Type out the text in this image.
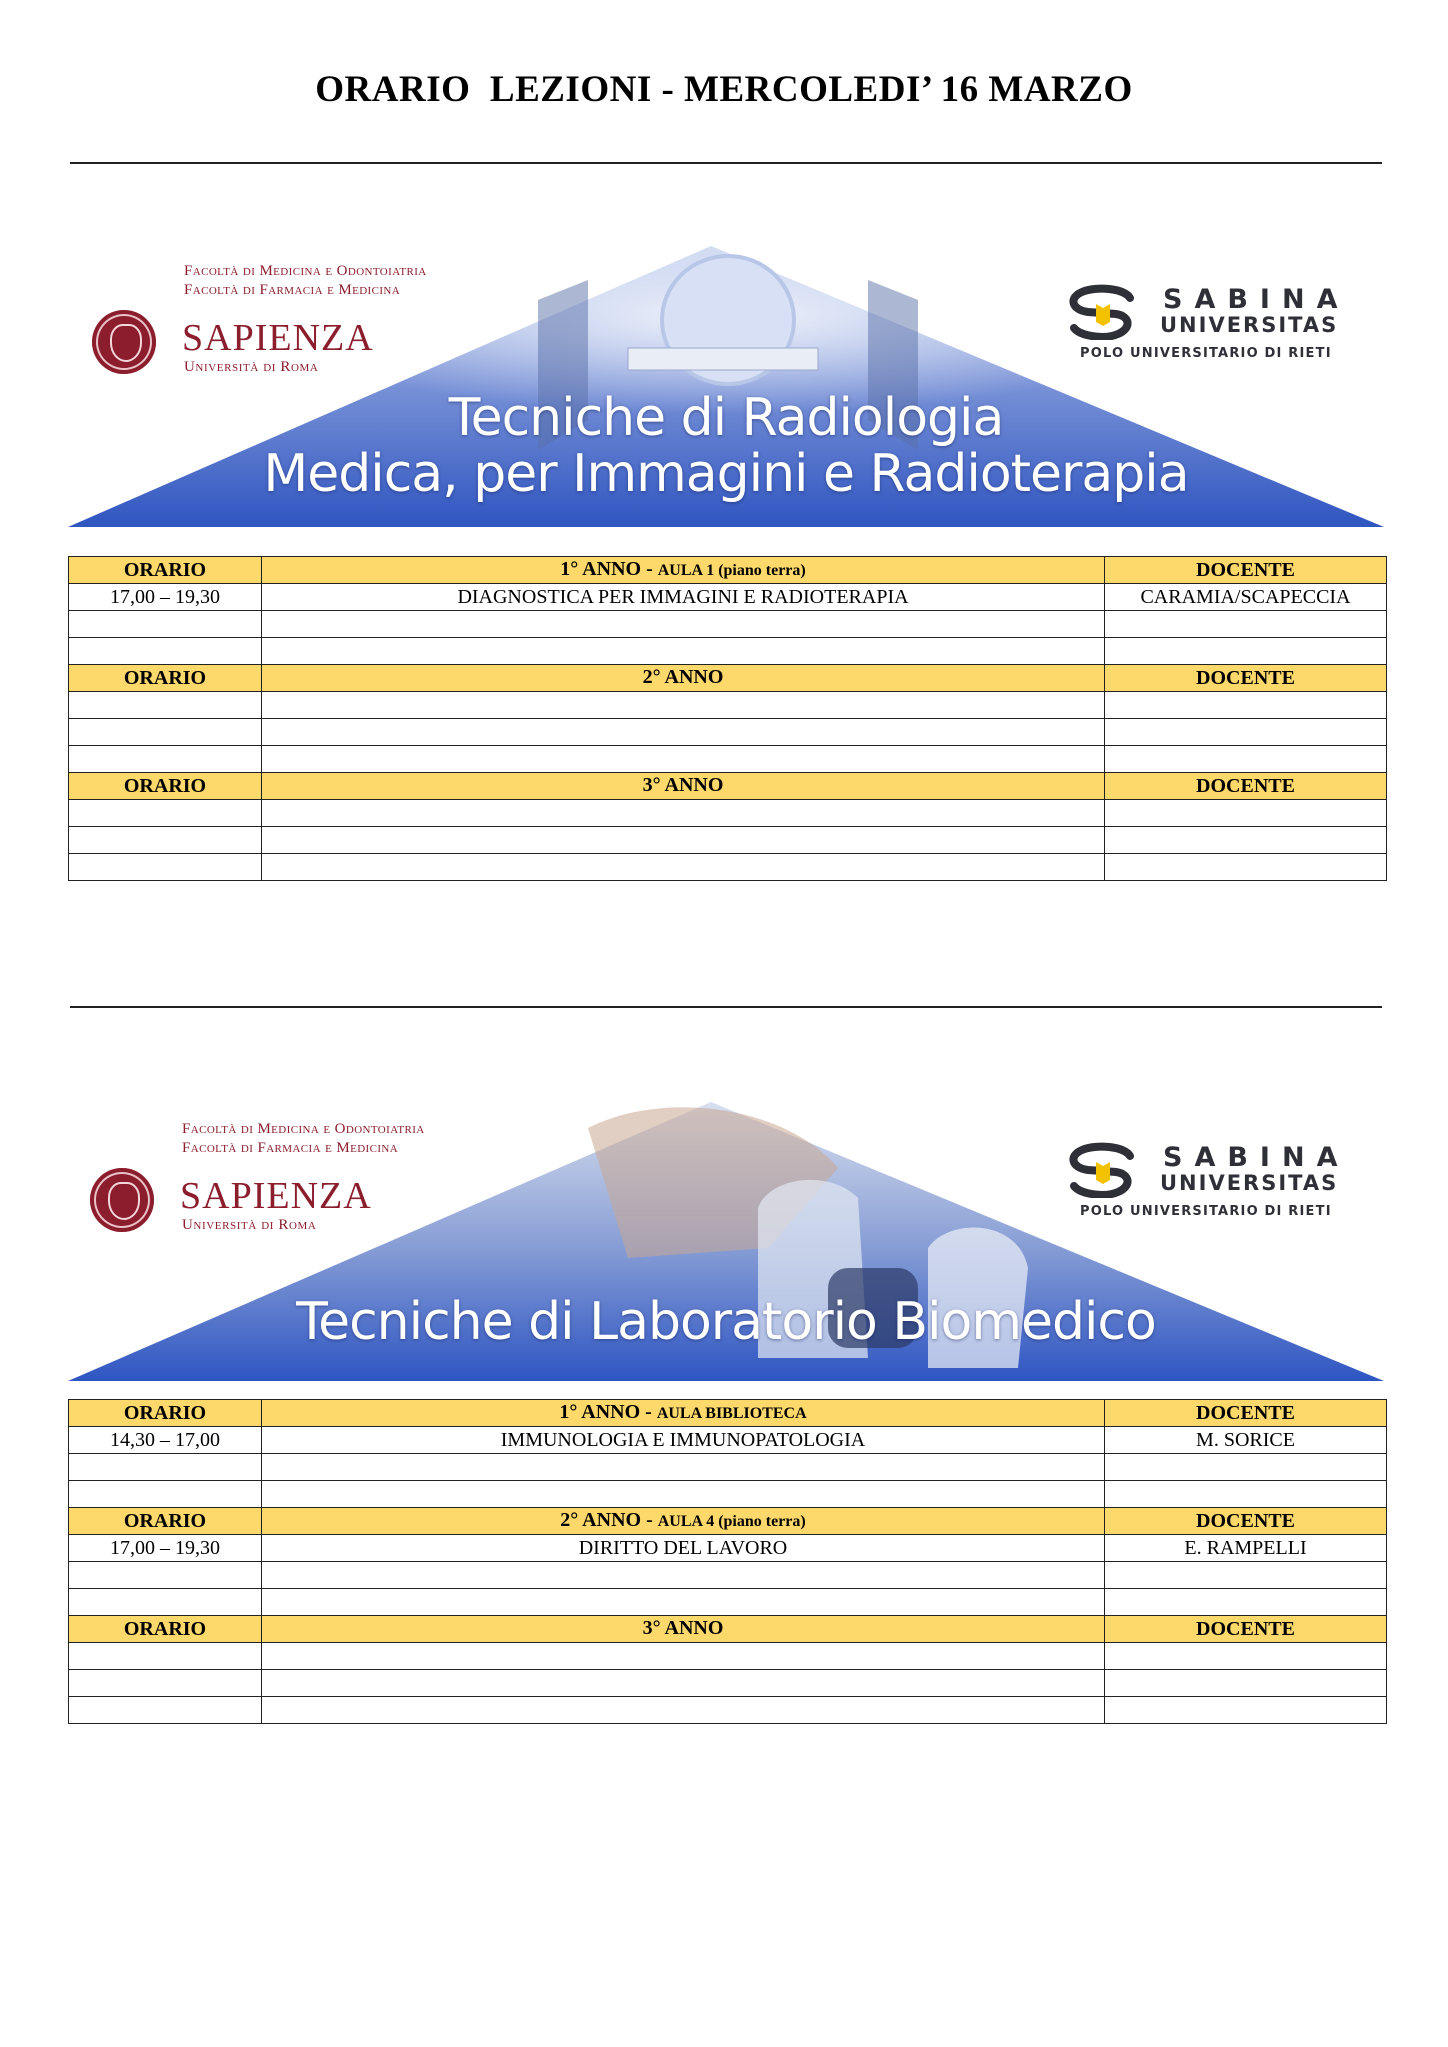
ORARIO  LEZIONI - MERCOLEDI’ 16 MARZO
Tecniche di Radiologia
Medica, per Immagini e Radioterapia
Facoltà di Medicina e Odontoiatria
Facoltà di Farmacia e Medicina
SAPIENZA
Università di Roma
SABINA
UNIVERSITAS
POLO UNIVERSITARIO DI RIETI
ORARIO	1° ANNO - AULA 1 (piano terra)	DOCENTE
17,00 – 19,30	DIAGNOSTICA PER IMMAGINI E RADIOTERAPIA	CARAMIA/SCAPECCIA

ORARIO	2° ANNO	DOCENTE

ORARIO	3° ANNO	DOCENTE

Tecniche di Laboratorio Biomedico
Facoltà di Medicina e Odontoiatria
Facoltà di Farmacia e Medicina
SAPIENZA
Università di Roma
SABINA
UNIVERSITAS
POLO UNIVERSITARIO DI RIETI
ORARIO	1° ANNO - AULA BIBLIOTECA	DOCENTE
14,30 – 17,00	IMMUNOLOGIA E IMMUNOPATOLOGIA	M. SORICE

ORARIO	2° ANNO - AULA 4 (piano terra)	DOCENTE
17,00 – 19,30	DIRITTO DEL LAVORO	E. RAMPELLI

ORARIO	3° ANNO	DOCENTE
